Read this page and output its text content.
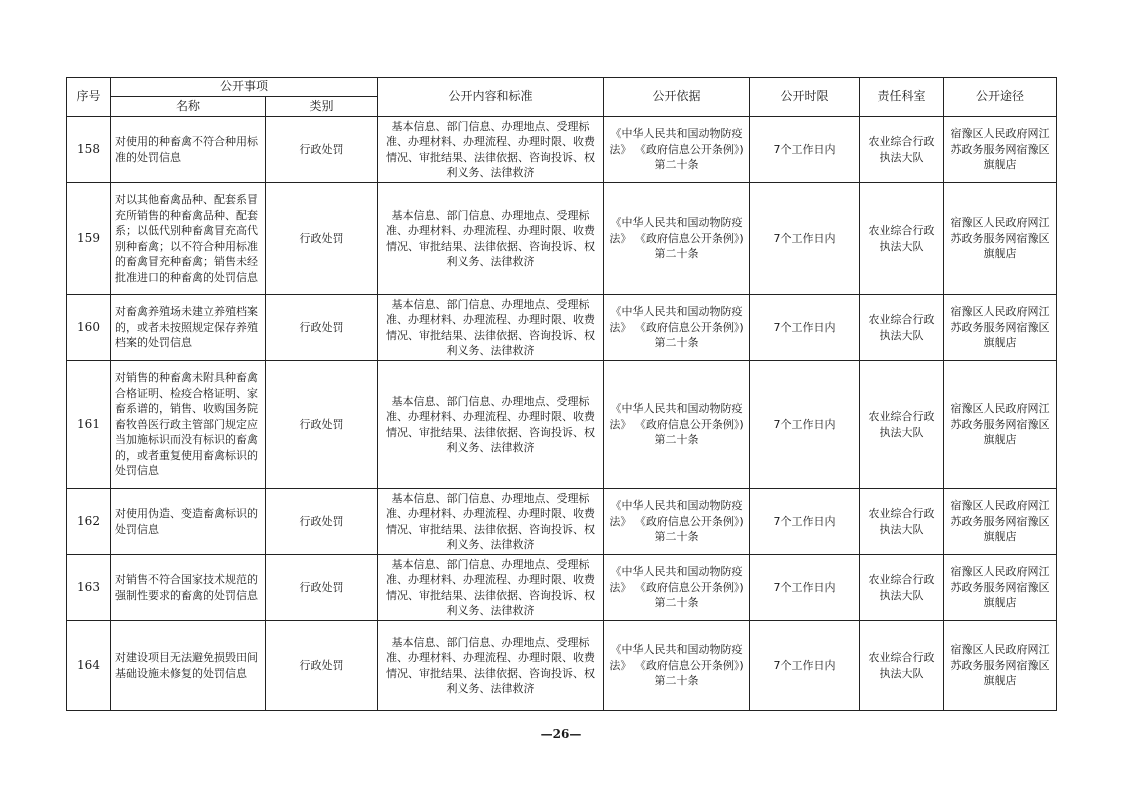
序号	公开事项		公开内容和标准	公开依据	公开时限	责任科室	公开途径
	名称	类别					
158	对使用的种畜禽不符合种用标准的处罚信息	行政处罚	基本信息、部门信息、办理地点、受理标准、办理材料、办理流程、办理时限、收费情况、审批结果、法律依据、咨询投诉、权利义务、法律救济	《中华人民共和国动物防疫法》 《政府信息公开条例》)第二十条	7个工作日内	农业综合行政执法大队	宿豫区人民政府网江苏政务服务网宿豫区旗舰店
159	对以其他畜禽品种、配套系冒充所销售的种畜禽品种、配套系；以低代别种畜禽冒充高代别种畜禽；以不符合种用标准的畜禽冒充种畜禽；销售未经批准进口的种畜禽的处罚信息	行政处罚	基本信息、部门信息、办理地点、受理标准、办理材料、办理流程、办理时限、收费情况、审批结果、法律依据、咨询投诉、权利义务、法律救济	《中华人民共和国动物防疫法》 《政府信息公开条例》)第二十条	7个工作日内	农业综合行政执法大队	宿豫区人民政府网江苏政务服务网宿豫区旗舰店
160	对畜禽养殖场未建立养殖档案的，或者未按照规定保存养殖档案的处罚信息	行政处罚	基本信息、部门信息、办理地点、受理标准、办理材料、办理流程、办理时限、收费情况、审批结果、法律依据、咨询投诉、权利义务、法律救济	《中华人民共和国动物防疫法》 《政府信息公开条例》)第二十条	7个工作日内	农业综合行政执法大队	宿豫区人民政府网江苏政务服务网宿豫区旗舰店
161	对销售的种畜禽未附具种畜禽合格证明、检疫合格证明、家畜系谱的，销售、收购国务院畜牧兽医行政主管部门规定应当加施标识而没有标识的畜禽的，或者重复使用畜禽标识的处罚信息	行政处罚	基本信息、部门信息、办理地点、受理标准、办理材料、办理流程、办理时限、收费情况、审批结果、法律依据、咨询投诉、权利义务、法律救济	《中华人民共和国动物防疫法》 《政府信息公开条例》)第二十条	7个工作日内	农业综合行政执法大队	宿豫区人民政府网江苏政务服务网宿豫区旗舰店
162	对使用伪造、变造畜禽标识的处罚信息	行政处罚	基本信息、部门信息、办理地点、受理标准、办理材料、办理流程、办理时限、收费情况、审批结果、法律依据、咨询投诉、权利义务、法律救济	《中华人民共和国动物防疫法》 《政府信息公开条例》)第二十条	7个工作日内	农业综合行政执法大队	宿豫区人民政府网江苏政务服务网宿豫区旗舰店
163	对销售不符合国家技术规范的强制性要求的畜禽的处罚信息	行政处罚	基本信息、部门信息、办理地点、受理标准、办理材料、办理流程、办理时限、收费情况、审批结果、法律依据、咨询投诉、权利义务、法律救济	《中华人民共和国动物防疫法》 《政府信息公开条例》)第二十条	7个工作日内	农业综合行政执法大队	宿豫区人民政府网江苏政务服务网宿豫区旗舰店
164	对建设项目无法避免损毁田间基础设施未修复的处罚信息	行政处罚	基本信息、部门信息、办理地点、受理标准、办理材料、办理流程、办理时限、收费情况、审批结果、法律依据、咨询投诉、权利义务、法律救济	《中华人民共和国动物防疫法》 《政府信息公开条例》)第二十条	7个工作日内	农业综合行政执法大队	宿豫区人民政府网江苏政务服务网宿豫区旗舰店
—26—
